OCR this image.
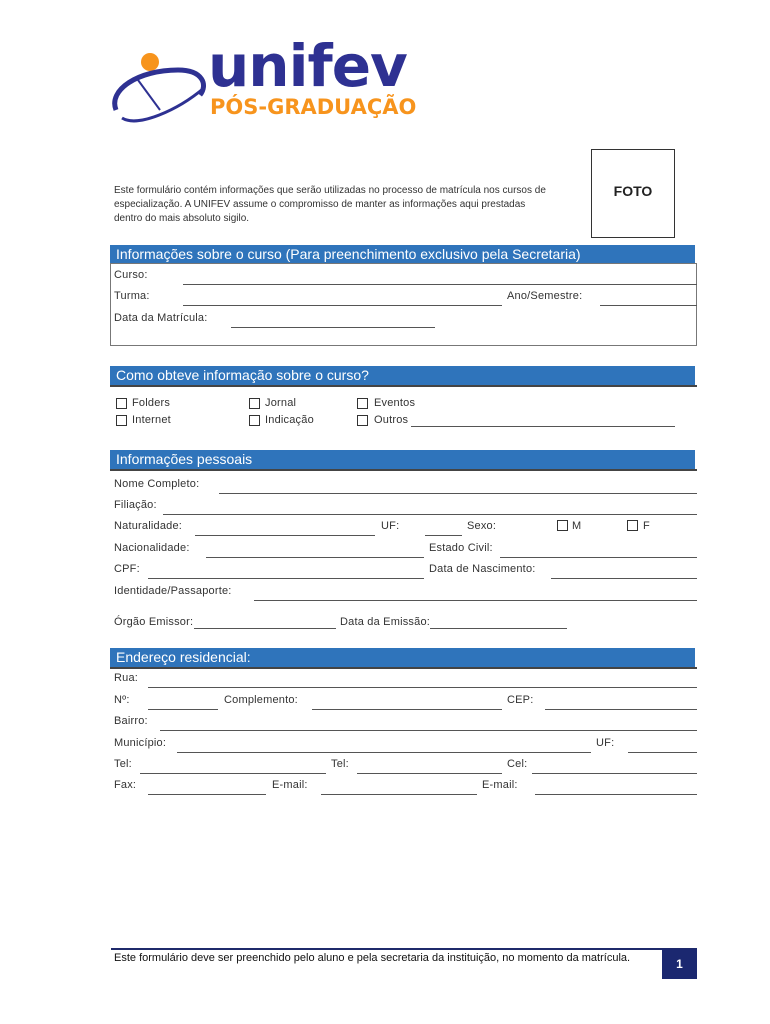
unifev
PÓS-GRADUAÇÃO
Este formulário contém informações que serão utilizadas no processo de matrícula nos cursos de especialização. A UNIFEV assume o compromisso de manter as informações aqui prestadas dentro do mais absoluto sigilo.
FOTO
Informações sobre o curso (Para preenchimento exclusivo pela Secretaria)
Curso:
Turma:	Ano/Semestre:
Data da Matrícula:
Como obteve informação sobre o curso?
Folders	Jornal	Eventos
Internet	Indicação	Outros
Informações pessoais
Nome Completo:
Filiação:
Naturalidade:	UF:	Sexo:	M	F
Nacionalidade:	Estado Civil:
CPF:	Data de Nascimento:
Identidade/Passaporte:
Órgão Emissor:	Data da Emissão:
Endereço residencial:
Rua:
Nº:	Complemento:	CEP:
Bairro:
Município:	UF:
Tel:	Tel:	Cel:
Fax:	E-mail:	E-mail:
Este formulário deve ser preenchido pelo aluno e pela secretaria da instituição, no momento da matrícula.	1
